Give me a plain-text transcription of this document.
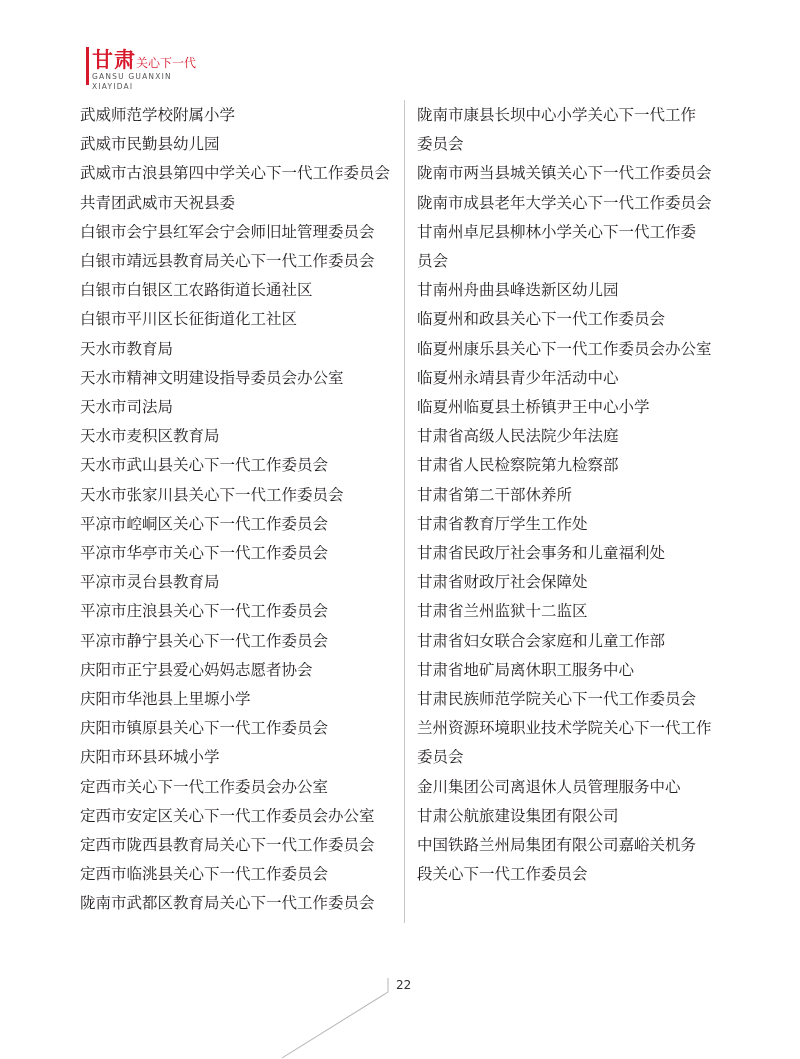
甘肃关心下一代
GANSU GUANXIN
XIAYIDAI
武威师范学校附属小学
武威市民勤县幼儿园
武威市古浪县第四中学关心下一代工作委员会
共青团武威市天祝县委
白银市会宁县红军会宁会师旧址管理委员会
白银市靖远县教育局关心下一代工作委员会
白银市白银区工农路街道长通社区
白银市平川区长征街道化工社区
天水市教育局
天水市精神文明建设指导委员会办公室
天水市司法局
天水市麦积区教育局
天水市武山县关心下一代工作委员会
天水市张家川县关心下一代工作委员会
平凉市崆峒区关心下一代工作委员会
平凉市华亭市关心下一代工作委员会
平凉市灵台县教育局
平凉市庄浪县关心下一代工作委员会
平凉市静宁县关心下一代工作委员会
庆阳市正宁县爱心妈妈志愿者协会
庆阳市华池县上里塬小学
庆阳市镇原县关心下一代工作委员会
庆阳市环县环城小学
定西市关心下一代工作委员会办公室
定西市安定区关心下一代工作委员会办公室
定西市陇西县教育局关心下一代工作委员会
定西市临洮县关心下一代工作委员会
陇南市武都区教育局关心下一代工作委员会
陇南市康县长坝中心小学关心下一代工作
委员会
陇南市两当县城关镇关心下一代工作委员会
陇南市成县老年大学关心下一代工作委员会
甘南州卓尼县柳林小学关心下一代工作委
员会
甘南州舟曲县峰迭新区幼儿园
临夏州和政县关心下一代工作委员会
临夏州康乐县关心下一代工作委员会办公室
临夏州永靖县青少年活动中心
临夏州临夏县土桥镇尹王中心小学
甘肃省高级人民法院少年法庭
甘肃省人民检察院第九检察部
甘肃省第二干部休养所
甘肃省教育厅学生工作处
甘肃省民政厅社会事务和儿童福利处
甘肃省财政厅社会保障处
甘肃省兰州监狱十二监区
甘肃省妇女联合会家庭和儿童工作部
甘肃省地矿局离休职工服务中心
甘肃民族师范学院关心下一代工作委员会
兰州资源环境职业技术学院关心下一代工作
委员会
金川集团公司离退休人员管理服务中心
甘肃公航旅建设集团有限公司
中国铁路兰州局集团有限公司嘉峪关机务
段关心下一代工作委员会
22
